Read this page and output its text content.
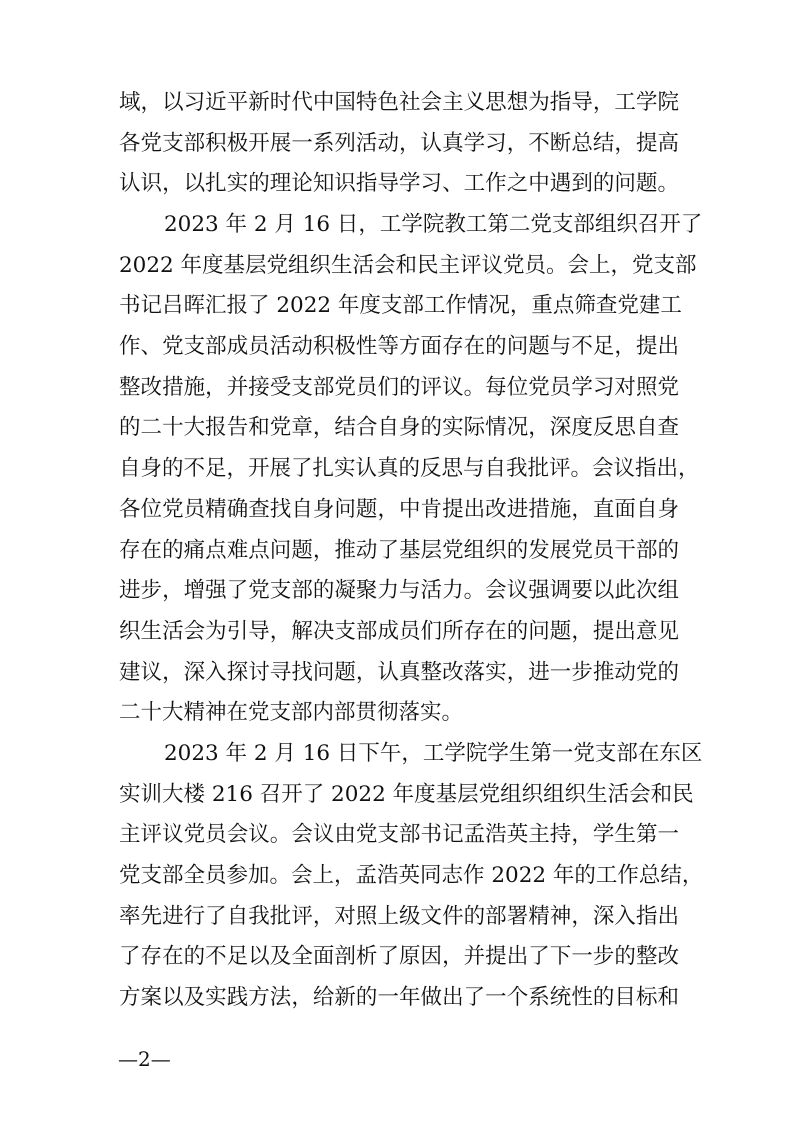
域，以习近平新时代中国特色社会主义思想为指导，工学院
各党支部积极开展一系列活动，认真学习，不断总结，提高
认识，以扎实的理论知识指导学习、工作之中遇到的问题。
2023 年 2 月 16 日，工学院教工第二党支部组织召开了
2022 年度基层党组织生活会和民主评议党员。会上，党支部
书记吕晖汇报了 2022 年度支部工作情况，重点筛查党建工
作、党支部成员活动积极性等方面存在的问题与不足，提出
整改措施，并接受支部党员们的评议。每位党员学习对照党
的二十大报告和党章，结合自身的实际情况，深度反思自查
自身的不足，开展了扎实认真的反思与自我批评。会议指出，
各位党员精确查找自身问题，中肯提出改进措施，直面自身
存在的痛点难点问题，推动了基层党组织的发展党员干部的
进步，增强了党支部的凝聚力与活力。会议强调要以此次组
织生活会为引导，解决支部成员们所存在的问题，提出意见
建议，深入探讨寻找问题，认真整改落实，进一步推动党的
二十大精神在党支部内部贯彻落实。
2023 年 2 月 16 日下午，工学院学生第一党支部在东区
实训大楼 216 召开了 2022 年度基层党组织组织生活会和民
主评议党员会议。会议由党支部书记孟浩英主持，学生第一
党支部全员参加。会上，孟浩英同志作 2022 年的工作总结，
率先进行了自我批评，对照上级文件的部署精神，深入指出
了存在的不足以及全面剖析了原因，并提出了下一步的整改
方案以及实践方法，给新的一年做出了一个系统性的目标和
—2—
